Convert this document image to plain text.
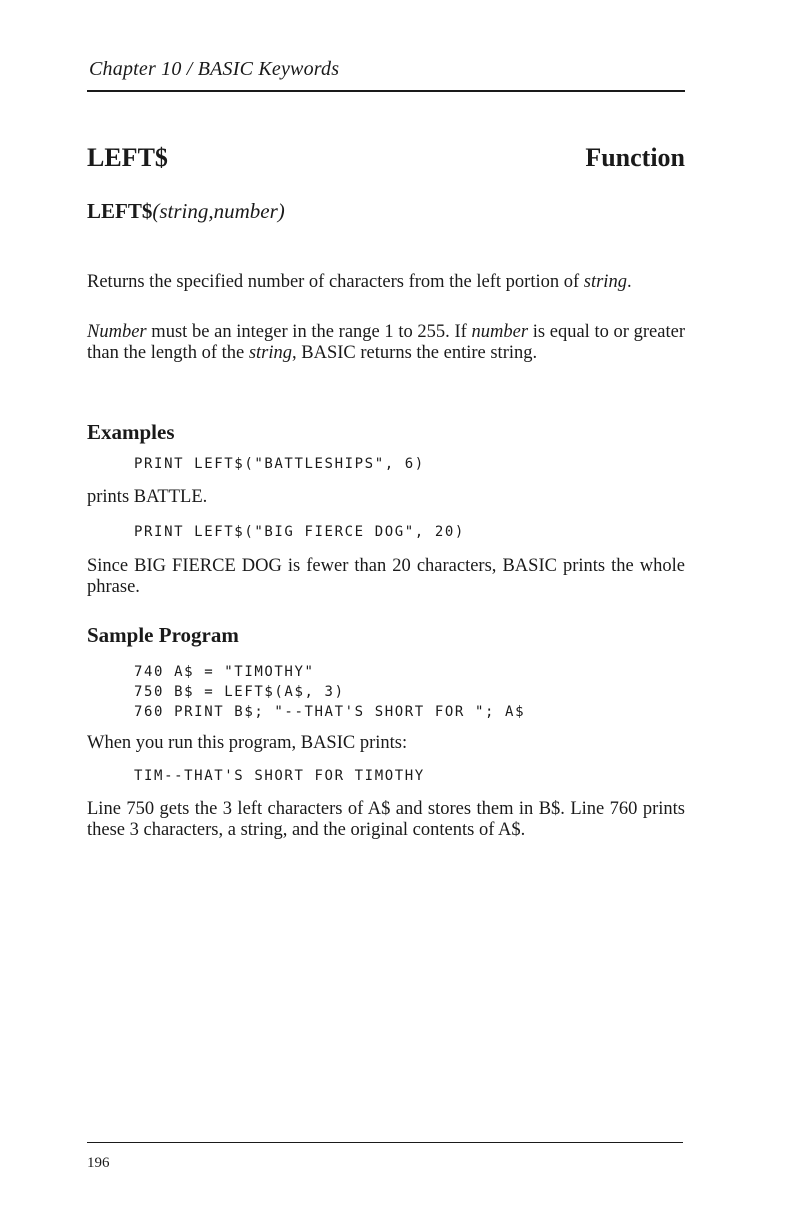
Chapter 10 / BASIC Keywords
LEFT$	Function
LEFT$(string,number)
Returns the specified number of characters from the left portion of string.
Number must be an integer in the range 1 to 255. If number is equal to or greater than the length of the string, BASIC returns the entire string.
Examples
PRINT LEFT$("BATTLESHIPS", 6)
prints BATTLE.
PRINT LEFT$("BIG FIERCE DOG", 20)
Since BIG FIERCE DOG is fewer than 20 characters, BASIC prints the whole phrase.
Sample Program
740 A$ = "TIMOTHY"
750 B$ = LEFT$(A$, 3)
760 PRINT B$; "--THAT'S SHORT FOR "; A$
When you run this program, BASIC prints:
TIM--THAT'S SHORT FOR TIMOTHY
Line 750 gets the 3 left characters of A$ and stores them in B$. Line 760 prints these 3 characters, a string, and the original contents of A$.
196
